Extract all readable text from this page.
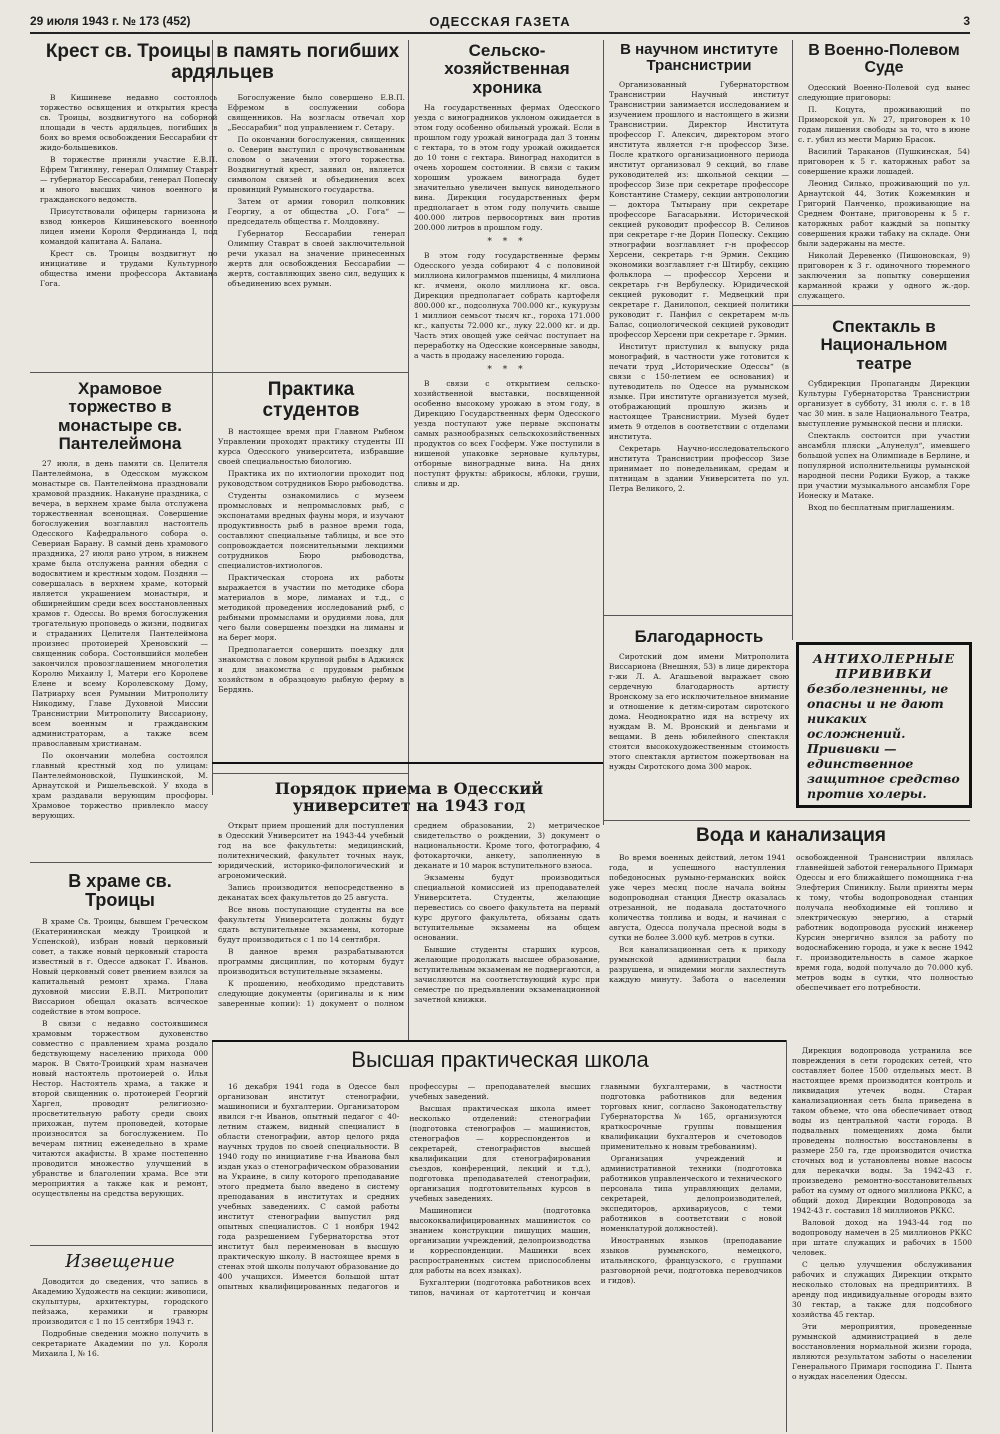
29 июля 1943 г. № 173 (452)	ОДЕССКАЯ ГАЗЕТА	3
Крест св. Троицы в память погибших ардяльцев

В Кишиневе недавно состоялось торжество освящения и открытия креста св. Троицы, воздвигнутого на соборной площади в честь ардяльцев, погибших в боях во время освобождения Бессарабии от жидо-большевиков.

В торжестве приняли участие Е.В.П. Ефрем Тигиняну, генерал Олимпиу Ставрат — губернатор Бессарабии, генерал Попеску и много высших чинов военного и гражданского ведомств.

Присутствовали офицеры гарнизона и взвод юнкеров Кишиневского военного лицея имени Короля Фердинанда I, под командой капитана А. Балана.

Крест св. Троицы воздвигнут по инициативе и трудами Культурного общества имени профессора Актавиана Гога.

Богослужение было совершено Е.В.П. Ефремом в сослужении собора священников. На возгласы отвечал хор „Бессарабия“ под управлением г. Сетару.

По окончании богослужения, священник о. Северин выступил с прочувствованным словом о значении этого торжества. Воздвигнутый крест, заявил он, является символом связей и объединения всех провинций Румынского государства.

Затем от армии говорил полковник Георгиу, а от общества „О. Гога“ — председатель общества г. Молдовяну.

Губернатор Бессарабии генерал Олимпиу Ставрат в своей заключительной речи указал на значение принесенных жертв для освобождения Бессарабии — жертв, составляющих звено сил, ведущих к объединению всех румын.

Храмовое торжество в монастыре св. Пантелеймона

27 июля, в день памяти св. Целителя Пантелеймона, в Одесском мужском монастыре св. Пантелеймона праздновали храмовой праздник. Накануне праздника, с вечера, в верхнем храме была отслужена торжественная всенощная. Совершение богослужения возглавлял настоятель Одесского Кафедрального собора о. Севериан Барану. В самый день храмового праздника, 27 июля рано утром, в нижнем храме была отслужена ранняя обедня с водосвятием и крестным ходом. Поздняя — совершалась в верхнем храме, который является украшением монастыря, и обширнейшим среди всех восстановленных храмов г. Одессы. Во время богослужения трогательную проповедь о жизни, подвигах и страданиях Целителя Пантелеймона произнес протоиерей Хреновский — священник собора. Состоявшийся молебен закончился провозглашением многолетия Королю Михаилу I, Матери его Королеве Елене и всему Королевскому Дому, Патриарху всея Румынии Митрополиту Никодиму, Главе Духовной Миссии Транснистрии Митрополиту Виссариону, всем военным и гражданским администраторам, а также всем православным христианам.

По окончании молебна состоялся главный крестный ход по улицам: Пантелеймоновской, Пушкинской, М. Арнаутской и Ришельевской. У входа в храм раздавали верующим просфоры. Храмовое торжество привлекло массу верующих.

В храме св. Троицы

В храме Св. Троицы, бывшем Греческом (Екатерининская между Троицкой и Успенской), избран новый церковный совет, а также новый церковный староста известный в г. Одессе адвокат Г. Иванов. Новый церковный совет рвением взялся за капитальный ремонт храма. Глава духовной миссии Е.В.П. Митрополит Виссарион обещал оказать всяческое содействие в этом вопросе.

В связи с недавно состоявшимся храмовым торжеством духовенство совместно с правлением храма роздало бедствующему населению прихода 000 марок. В Свято-Троицкий храм назначен новый настоятель протоиерей о. Илья Нестор. Настоятель храма, а также и второй священник о. протоиерей Георгий Харгел, проводят религиозно-просветительную работу среди своих прихожан, путем проповедей, которые произносятся за богослужением. По вечерам пятниц еженедельно в храме читаются акафисты. В храме постепенно проводится множество улучшений в убранстве и благолепии храма. Все эти мероприятия а также как и ремонт, осуществлены на средства верующих.

Извещение

Доводится до сведения, что запись в Академию Художеств на секции: живописи, скульптуры, архитектуры, городского пейзажа, керамики и гравюры производится с 1 по 15 сентября 1943 г.

Подробные сведения можно получить в секретариате Академии по ул. Короля Михаила I, № 16.

Практика студентов

В настоящее время при Главном Рыбном Управлении проходят практику студенты III курса Одесского университета, избравшие своей специальностью биологию.

Практика их по ихтиологии проходит под руководством сотрудников Бюро рыбоводства.

Студенты ознакомились с музеем промысловых и непромысловых рыб, с экспонатами вредных фауны моря, и изучают продуктивность рыб в разное время года, составляют специальные таблицы, и все это сопровождается пояснительными лекциями сотрудников Бюро рыбоводства, специалистов-ихтиологов.

Практическая сторона их работы выражается в участии по методике сбора материалов в море, лиманах и т.д., с методикой проведения исследований рыб, с рыбными промыслами и орудиями лова, для чего были совершены поездки на лиманы и на берег моря.

Предполагается совершить поездку для знакомства с ловом крупной рыбы в Аджияск и для знакомства с прудовым рыбным хозяйством в образцовую рыбную ферму в Бердянь.

Сельско-хозяйственная хроника

На государственных фермах Одесского уезда с виноградников уклоном ожидается в этом году особенно обильный урожай. Если в прошлом году урожай винограда дал 3 тонны с гектара, то в этом году урожай ожидается до 10 тонн с гектара. Виноград находится в очень хорошем состоянии. В связи с таким хорошим урожаем винограда будет значительно увеличен выпуск винодельного вина. Дирекция государственных ферм предполагает в этом году получить свыше 400.000 литров первосортных вин против 200.000 литров в прошлом году.

* * *

В этом году государственные фермы Одесского уезда собирают 4 с половиной миллиона килограммов пшеницы, 4 миллиона кг. ячменя, около миллиона кг. овса. Дирекция предполагает собрать картофеля 800.000 кг., подсолнуха 700.000 кг., кукурузы 1 миллион семьсот тысяч кг., гороха 171.000 кг., капусты 72.000 кг., луку 22.000 кг. и др. Часть этих овощей уже сейчас поступает на переработку на Одесские консервные заводы, а часть в продажу населению города.

* * *

В связи с открытием сельско-хозяйственной выставки, посвященной особенно высокому урожаю в этом году, в Дирекцию Государственных ферм Одесского уезда поступают уже первые экспонаты самых разнообразных сельскохозяйственных продуктов со всех Госферм. Уже поступили в нишеной упаковке зерновые культуры, отборные виноградные вина. На днях поступят фрукты: абрикосы, яблоки, груши, сливы и др.

В научном институте Транснистрии

Организованный Губернаторством Транснистрии Научный институт Транснистрии занимается исследованием и изучением прошлого и настоящего в жизни Транснистрии. Директор Института профессор Г. Алексич, директором этого института является г-н профессор Зизе. После краткого организационного периода институт организовал 9 секций, во главе руководителей из: школьной секции — профессор Зизе при секретаре профессоре Константине Стамеру, секции антропологии — доктора Тытырану при секретаре профессоре Багасарьяни. Исторической секцией руководит профессор В. Селинов при секретаре г-не Дорин Попеску. Секцию этнографии возглавляет г-н профессор Херсени, секретарь г-н Эрмин. Секцию экономики возглавляет г-н Штирбу, секцию фольклора — профессор Херсени и секретарь г-н Вербулеску. Юридической секцией руководит г. Медвецкий при секретаре г. Данилопол, секцией политики руководит г. Панфил с секретарем м-ль Балас, социологической секцией руководит профессор Херсени при секретаре г. Эрмин.

Институт приступил к выпуску ряда монографий, в частности уже готовится к печати труд „Исторические Одессы“ (в связи с 150-летием ее основания) и путеводитель по Одессе на румынском языке. При институте организуется музей, отображающий прошлую жизнь и настоящее Транснистрии. Музей будет иметь 9 отделов в соответствии с отделами института.

Секретарь Научно-исследовательского института Транснистрии профессор Зизе принимает по понедельникам, средам и пятницам в здании Университета по ул. Петра Великого, 2.

Благодарность

Сиротский дом имени Митрополита Виссариона (Внешняя, 53) в лице директора г-жи Л. А. Агашьевой выражает свою сердечную благодарность артисту Вронскому за его исключительное внимание и отношение к детям-сиротам сиротского дома. Неоднократно идя на встречу их нуждам В. М. Вронский и деньгами и вещами. В день юбилейного спектакля стоятся высокохудожественным стоимость этого спектакля артистом пожертвован на нужды Сиротского дома 300 марок.

В Военно-Полевом Суде

Одесский Военно-Полевой суд вынес следующие приговоры:

П. Коцута, проживающий по Приморской ул. № 27, приговорен к 10 годам лишения свободы за то, что в июне с. г. убил из мести Марию Брасок.

Василий Тараканов (Пушкинская, 54) приговорен к 5 г. каторжных работ за совершение кражи лошадей.

Леонид Силько, проживающий по ул. Арнаутской 44, Зотик Кожемякин и Григорий Панченко, проживающие на Среднем Фонтане, приговорены к 5 г. каторжных работ каждый за попытку совершения кражи табаку на складе. Они были задержаны на месте.

Николай Деревенко (Пишоновская, 9) приговорен к 3 г. одиночного тюремного заключения за попытку совершения карманной кражи у одного ж.-дор. служащего.

Спектакль в Национальном театре

Субдирекция Пропаганды Дирекции Культуры Губернаторства Транснистрии организует в субботу, 31 июля с. г. в 18 час 30 мин. в зале Национального Театра, выступление румынской песни и пляски.

Спектакль состоится при участии ансамбля пляски „Алунелул“, имевшего большой успех на Олимпиаде в Берлине, и популярной исполнительницы румынской народной песни Родики Бужор, а также при участии музыкального ансамбля Горе Ионеску и Матаке.

Вход по бесплатным приглашениям.

АНТИХОЛЕРНЫЕ ПРИВИВКИ
безболезненны, не опасны и не дают никаких осложнений. Прививки — единственное защитное средство против холеры.
Порядок приема в Одесский университет на 1943 год

Открыт прием прошений для поступления в Одесский Университет на 1943-44 учебный год на все факультеты: медицинский, политехнический, факультет точных наук, юридический, историко-филологический и агрономический.

Запись производится непосредственно в деканатах всех факультетов до 25 августа.

Все вновь поступающие студенты на все факультеты Университета должны будут сдать вступительные экзамены, которые будут производиться с 1 по 14 сентября.

В данное время разрабатываются программы дисциплин, по которым будут производиться вступительные экзамены.

К прошению, необходимо представить следующие документы (оригиналы и к ним заверенные копии): 1) документ о полном среднем образовании, 2) метрическое свидетельство о рождении, 3) документ о национальности. Кроме того, фотографию, 4 фотокарточки, анкету, заполненную в деканате и 10 марок вступительного взноса.

Экзамены будут производиться специальной комиссией из преподавателей Университета. Студенты, желающие перевестись со своего факультета на первый курс другого факультета, обязаны сдать вступительные экзамены на общем основании.

Бывшие студенты старших курсов, желающие продолжать высшее образование, вступительным экзаменам не подвергаются, а зачисляются на соответствующий курс при семестре по предъявлении экзаменационной зачетной книжки.

Вода и канализация

Во время военных действий, летом 1941 года, и успешного наступления победоносных румыно-германских войск уже через месяц после начала войны водопроводная станция Днестр оказалась отрезанной, не подавала достаточного количества топлива и воды, и начиная с августа, Одесса получала пресной воды в сутки не более 3.000 куб. метров в сутки.

Вся канализационная сеть к приходу румынской администрации была разрушена, и эпидемии могли захлестнуть каждую минуту. Забота о населении освобожденной Транснистрии являлась главнейшей заботой генерального Примаря Одессы и его ближайшего помощника г-на Элефтерия Спиниклу. Были приняты меры к тому, чтобы водопроводная станция получала необходимые ей топливо и электрическую энергию, а старый работник водопровода русский инженер Курсин энергично взялся за работу по водоснабжению города, и уже к весне 1942 г. производительность в самое жаркое время года, водой получало до 70.000 куб. метров воды в сутки, что полностью обеспечивает его потребности.

Дирекция водопровода устранила все повреждения в сети городских сетей, что составляет более 1500 отдельных мест. В настоящее время производятся контроль и ликвидация утечек воды. Старая канализационная сеть была приведена в таком объеме, что она обеспечивает отвод воды из центральной части города. В подвальных помещениях дома были проведены полностью восстановлены в размере 250 га, где производится очистка сточных вод и установлены новые насосы для перекачки воды. За 1942-43 г. произведено ремонтно-восстановительных работ на сумму от одного миллиона РККС, а общий доход Дирекции Водопровода за 1942-43 г. составил 18 миллионов РККС.

Валовой доход на 1943-44 год по водопроводу намечен в 25 миллионов РККС при штате служащих и рабочих в 1500 человек.

С целью улучшения обслуживания рабочих и служащих Дирекции открыто несколько столовых на предприятиях. В аренду под индивидуальные огороды взято 30 гектар, а также для подсобного хозяйства 45 гектар.

Эти мероприятия, проведенные румынской администрацией в деле восстановления нормальной жизни города, являются результатом заботы о населении Генерального Примаря господина Г. Пынта о нуждах населения Одессы.

Высшая практическая школа

16 декабря 1941 года в Одессе был организован институт стенографии, машинописи и бухгалтерии. Организатором явился г-н Иванов, опытный педагог с 40-летним стажем, видный специалист в области стенографии, автор целого ряда научных трудов по своей специальности. В 1940 году по инициативе г-на Иванова был издан указ о стенографическом образовании на Украине, в силу которого преподавание этого предмета было введено в систему преподавания в институтах и средних учебных заведениях. С самой работы институт стенографии выпустил ряд опытных специалистов. С 1 ноября 1942 года разрешением Губернаторства этот институт был переименован в высшую практическую школу. В настоящее время в стенах этой школы получают образование до 400 учащихся. Имеется большой штат опытных квалифицированных педагогов и профессуры — преподавателей высших учебных заведений.

Высшая практическая школа имеет несколько отделений: стенографии (подготовка стенографов — машинистов, стенографов — корреспондентов и секретарей, стенографистов высшей квалификации для стенографирования съездов, конференций, лекций и т.д.), подготовка преподавателей стенографии, организация подготовительных курсов в учебных заведениях.

Машинописи (подготовка высококвалифицированных машинисток со знанием конструкции пишущих машин, организации учреждений, делопроизводства и корреспонденции. Машинки всех распространенных систем приспособлены для работы на всех языках).

Бухгалтерии (подготовка работников всех типов, начиная от картотетчиц и кончая главными бухгалтерами, в частности подготовка работников для ведения торговых книг, согласно Законодательству Губернаторства № 165, организуются краткосрочные группы повышения квалификации бухгалтеров и счетоводов применительно к новым требованиям).

Организация учреждений и административной техники (подготовка работников управленческого и технического персонала типа управляющих делами, секретарей, делопроизводителей, экспедиторов, архивариусов, с теми работников в соответствии с новой номенклатурой должностей).

Иностранных языков (преподавание языков румынского, немецкого, итальянского, французского, с группами разговорной речи, подготовка переводчиков и гидов).
